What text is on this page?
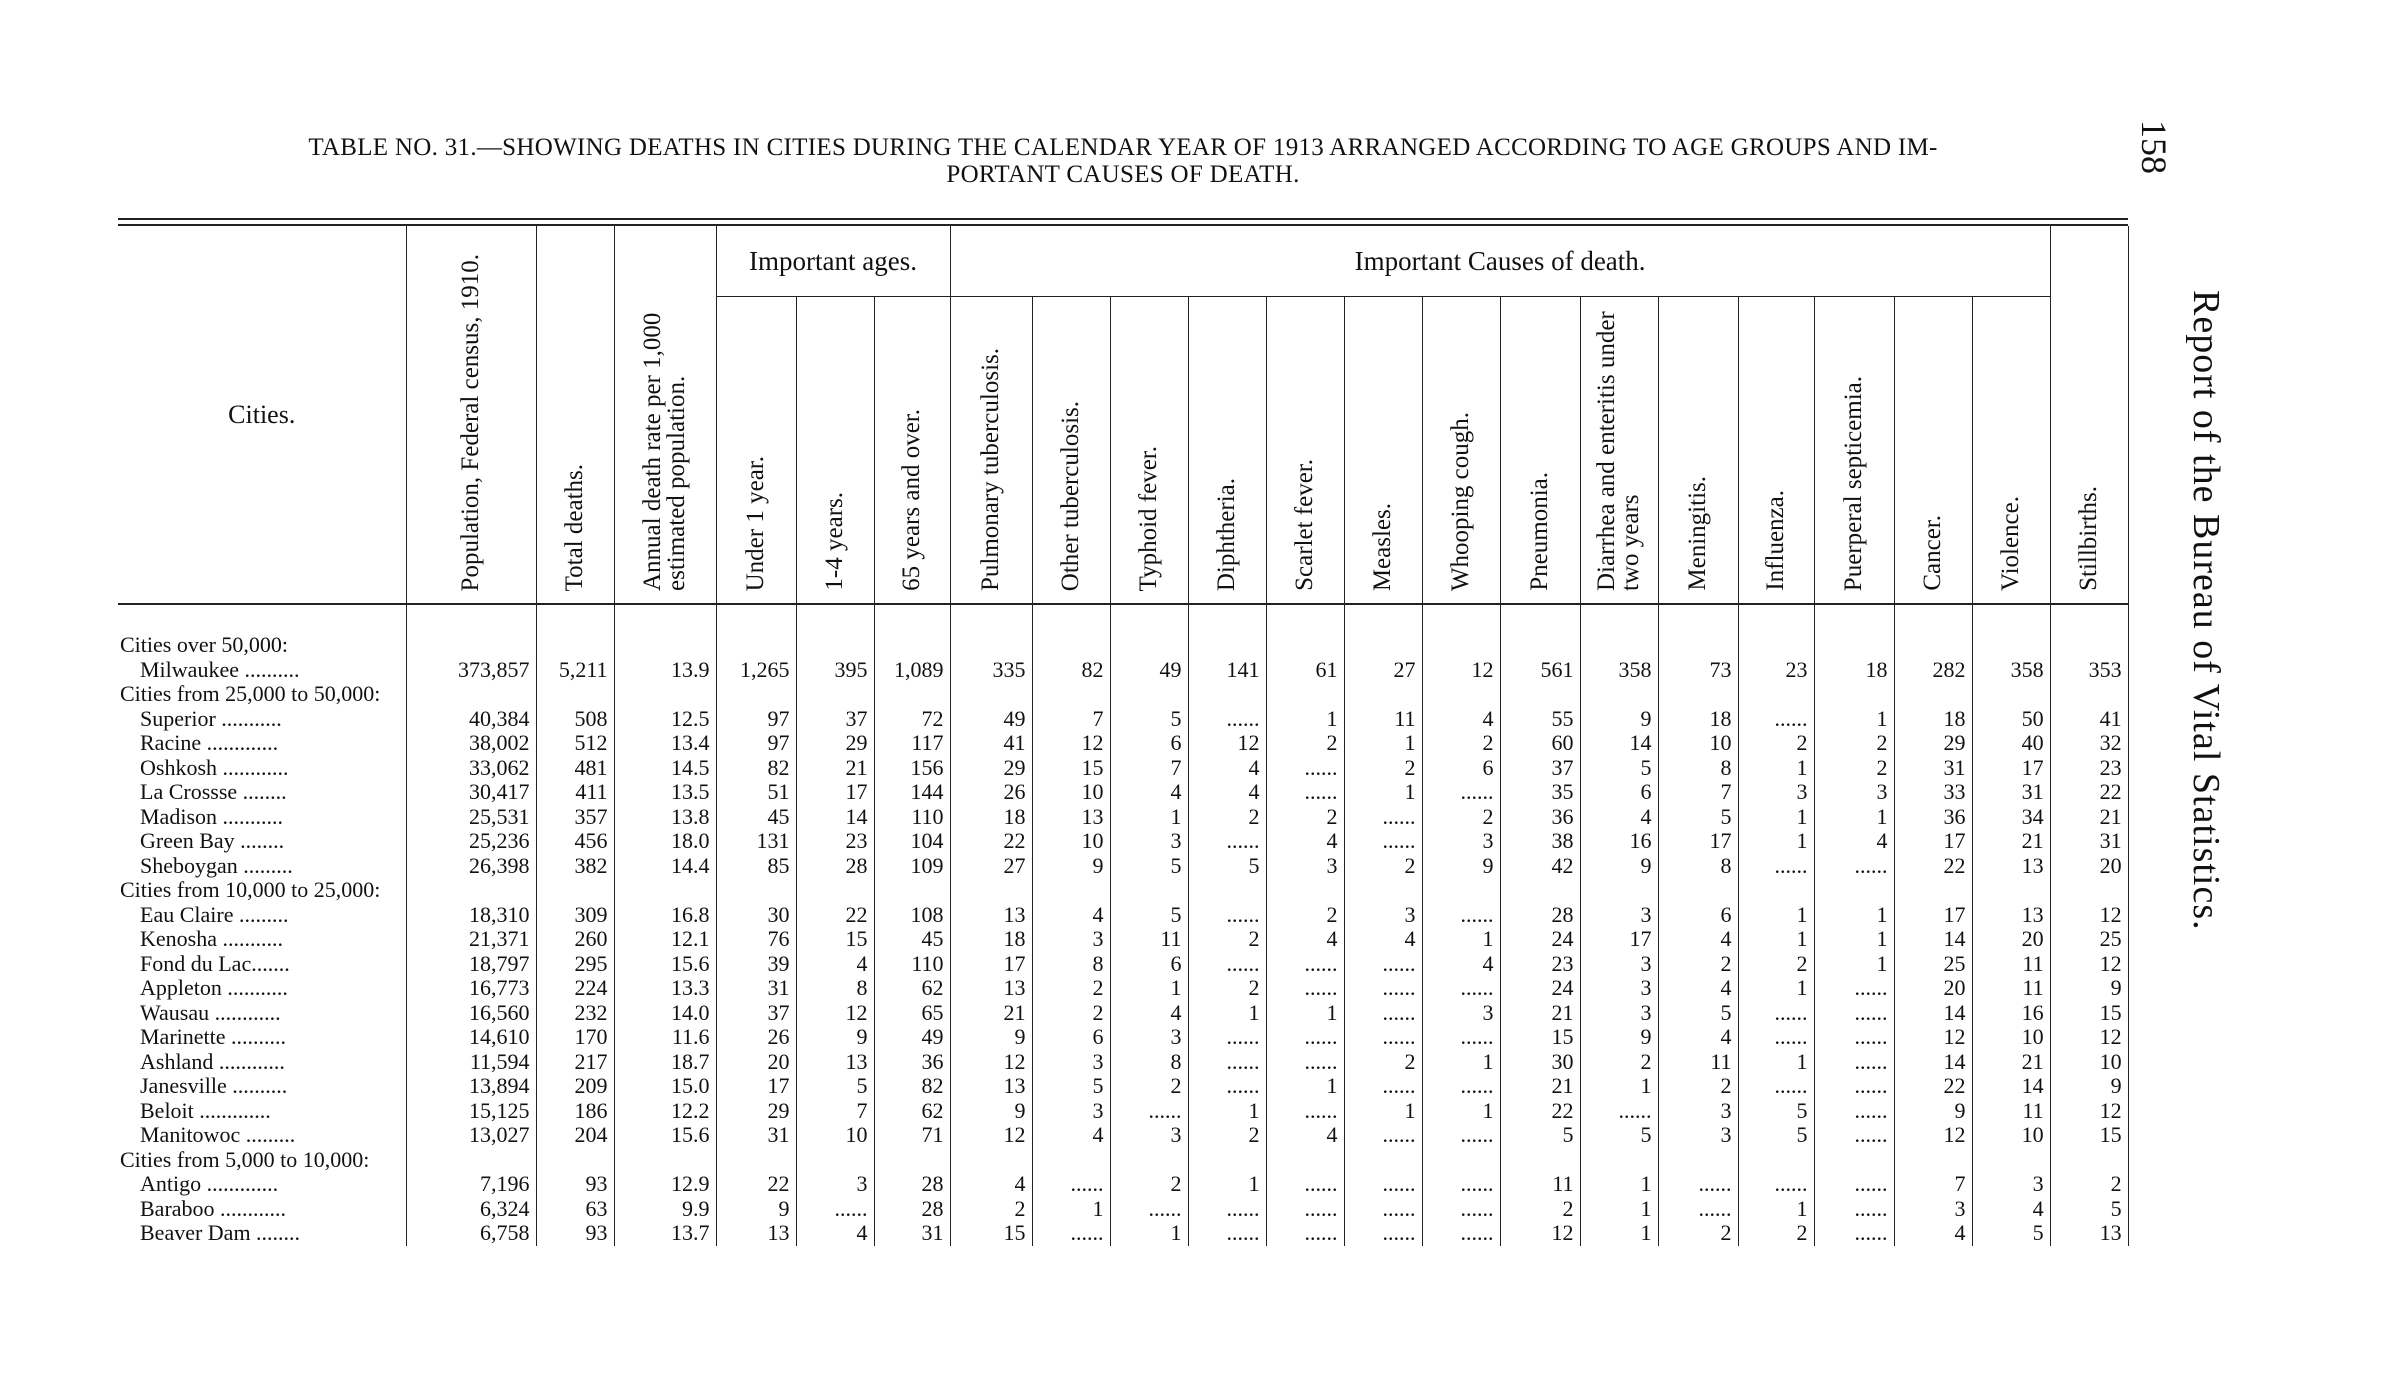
TABLE NO. 31.—SHOWING DEATHS IN CITIES DURING THE CALENDAR YEAR OF 1913 ARRANGED ACCORDING TO AGE GROUPS AND IM-
PORTANT CAUSES OF DEATH.
158
Report of the Bureau of Vital Statistics.
Cities.	Population, Federal census, 1910.	Total deaths.	Annual death rate per 1,000 estimated population.	Important ages.			Important Causes of death.														Stillbirths.
				Under 1 year.	1-4 years.	65 years and over.	Pulmonary tuberculosis.	Other tuberculosis.	Typhoid fever.	Diphtheria.	Scarlet fever.	Measles.	Whooping cough.	Pneumonia.	Diarrhea and enteritis under two years	Meningitis.	Influenza.	Puerperal septicemia.	Cancer.	Violence.	
Cities over 50,000:																					
Milwaukee ..........	373,857	5,211	13.9	1,265	395	1,089	335	82	49	141	61	27	12	561	358	73	23	18	282	358	353
Cities from 25,000 to 50,000:																					
Superior ...........	40,384	508	12.5	97	37	72	49	7	5	......	1	11	4	55	9	18	......	1	18	50	41
Racine .............	38,002	512	13.4	97	29	117	41	12	6	12	2	1	2	60	14	10	2	2	29	40	32
Oshkosh ............	33,062	481	14.5	82	21	156	29	15	7	4	......	2	6	37	5	8	1	2	31	17	23
La Crossse ........	30,417	411	13.5	51	17	144	26	10	4	4	......	1	......	35	6	7	3	3	33	31	22
Madison ...........	25,531	357	13.8	45	14	110	18	13	1	2	2	......	2	36	4	5	1	1	36	34	21
Green Bay ........	25,236	456	18.0	131	23	104	22	10	3	......	4	......	3	38	16	17	1	4	17	21	31
Sheboygan .........	26,398	382	14.4	85	28	109	27	9	5	5	3	2	9	42	9	8	......	......	22	13	20
Cities from 10,000 to 25,000:																					
Eau Claire .........	18,310	309	16.8	30	22	108	13	4	5	......	2	3	......	28	3	6	1	1	17	13	12
Kenosha ...........	21,371	260	12.1	76	15	45	18	3	11	2	4	4	1	24	17	4	1	1	14	20	25
Fond du Lac.......	18,797	295	15.6	39	4	110	17	8	6	......	......	......	4	23	3	2	2	1	25	11	12
Appleton ...........	16,773	224	13.3	31	8	62	13	2	1	2	......	......	......	24	3	4	1	......	20	11	9
Wausau ............	16,560	232	14.0	37	12	65	21	2	4	1	1	......	3	21	3	5	......	......	14	16	15
Marinette ..........	14,610	170	11.6	26	9	49	9	6	3	......	......	......	......	15	9	4	......	......	12	10	12
Ashland ............	11,594	217	18.7	20	13	36	12	3	8	......	......	2	1	30	2	11	1	......	14	21	10
Janesville ..........	13,894	209	15.0	17	5	82	13	5	2	......	1	......	......	21	1	2	......	......	22	14	9
Beloit .............	15,125	186	12.2	29	7	62	9	3	......	1	......	1	1	22	......	3	5	......	9	11	12
Manitowoc .........	13,027	204	15.6	31	10	71	12	4	3	2	4	......	......	5	5	3	5	......	12	10	15
Cities from 5,000 to 10,000:																					
Antigo .............	7,196	93	12.9	22	3	28	4	......	2	1	......	......	......	11	1	......	......	......	7	3	2
Baraboo ............	6,324	63	9.9	9	......	28	2	1	......	......	......	......	......	2	1	......	1	......	3	4	5
Beaver Dam ........	6,758	93	13.7	13	4	31	15	......	1	......	......	......	......	12	1	2	2	......	4	5	13
